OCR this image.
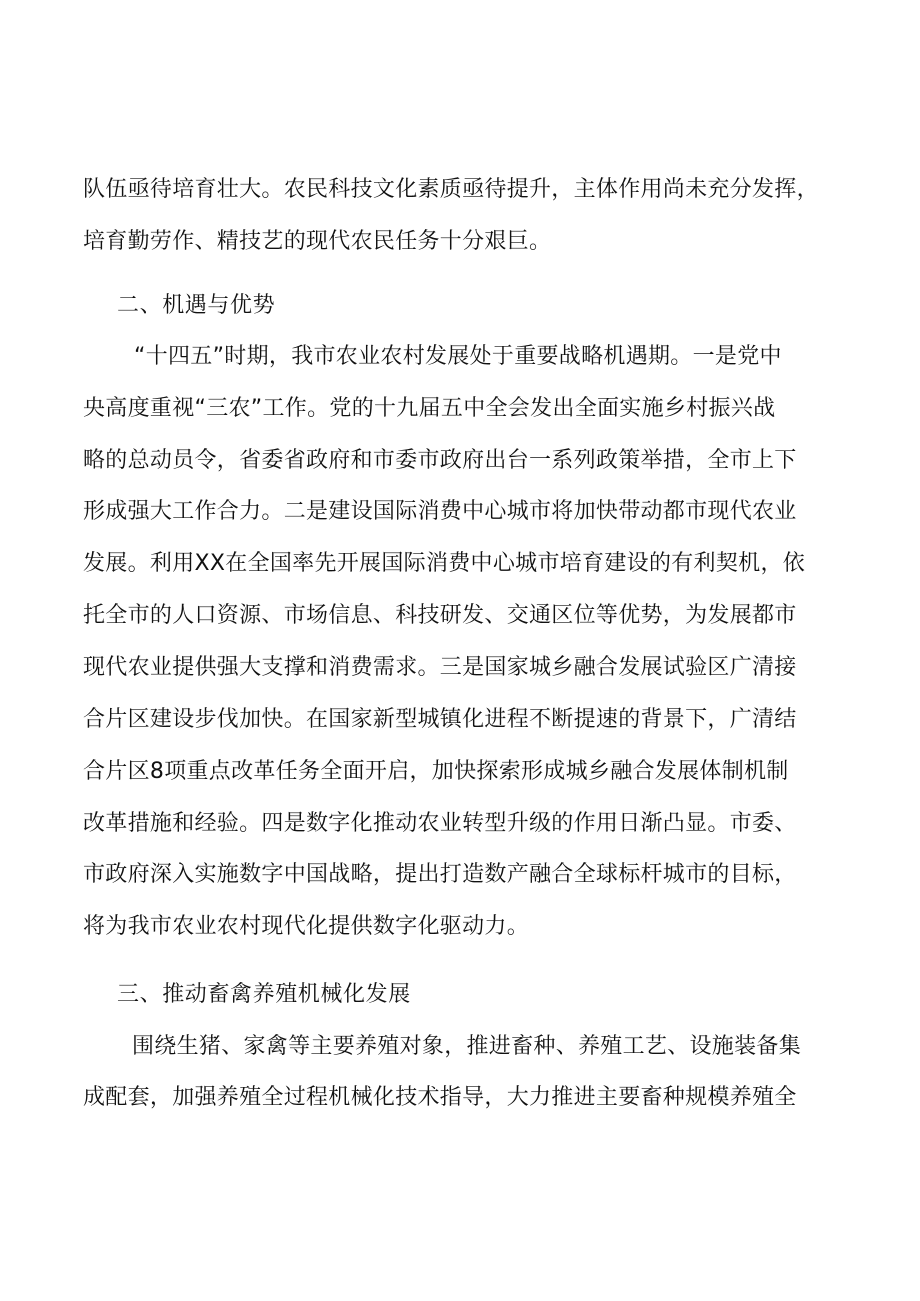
队伍亟待培育壮大。农民科技文化素质亟待提升，主体作用尚未充分发挥，
培育勤劳作、精技艺的现代农民任务十分艰巨。
二、机遇与优势
“十四五”时期，我市农业农村发展处于重要战略机遇期。一是党中
央高度重视“三农”工作。党的十九届五中全会发出全面实施乡村振兴战
略的总动员令，省委省政府和市委市政府出台一系列政策举措，全市上下
形成强大工作合力。二是建设国际消费中心城市将加快带动都市现代农业
发展。利用XX在全国率先开展国际消费中心城市培育建设的有利契机，依
托全市的人口资源、市场信息、科技研发、交通区位等优势，为发展都市
现代农业提供强大支撑和消费需求。三是国家城乡融合发展试验区广清接
合片区建设步伐加快。在国家新型城镇化进程不断提速的背景下，广清结
合片区8项重点改革任务全面开启，加快探索形成城乡融合发展体制机制
改革措施和经验。四是数字化推动农业转型升级的作用日渐凸显。市委、
市政府深入实施数字中国战略，提出打造数产融合全球标杆城市的目标，
将为我市农业农村现代化提供数字化驱动力。
三、推动畜禽养殖机械化发展
围绕生猪、家禽等主要养殖对象，推进畜种、养殖工艺、设施装备集
成配套，加强养殖全过程机械化技术指导，大力推进主要畜种规模养殖全
